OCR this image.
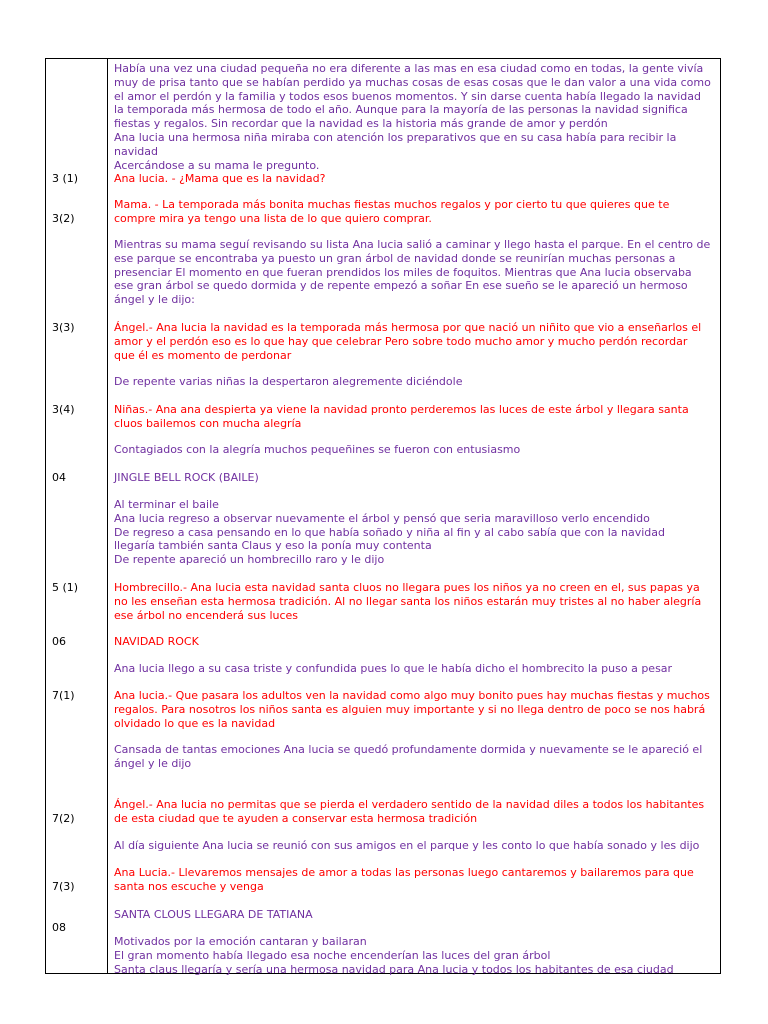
3 (1)
3(2)
3(3)
3(4)
04
5 (1)
06
7(1)
7(2)
7(3)
08
Había una vez una ciudad pequeña no era diferente a las mas en esa ciudad como en todas, la gente vivía
muy de prisa tanto que se habían perdido ya muchas cosas de esas cosas que le dan valor a una vida como
el amor el perdón y la familia y todos esos buenos momentos. Y sin darse cuenta había llegado la navidad
la temporada más hermosa de todo el año. Aunque para la mayoría de las personas la navidad significa
fiestas y regalos. Sin recordar que la navidad es la historia más grande de amor y perdón
Ana lucia una hermosa niña miraba con atención los preparativos que en su casa había para recibir la
navidad
Acercándose a su mama le pregunto.
Ana lucia. - ¿Mama que es la navidad?
Mama. - La temporada más bonita muchas fiestas muchos regalos y por cierto tu que quieres que te
compre mira ya tengo una lista de lo que quiero comprar.
Mientras su mama seguí revisando su lista Ana lucia salió a caminar y llego hasta el parque. En el centro de
ese parque se encontraba ya puesto un gran árbol de navidad donde se reunirían muchas personas a
presenciar El momento en que fueran prendidos los miles de foquitos. Mientras que Ana lucia observaba
ese gran árbol se quedo dormida y de repente empezó a soñar En ese sueño se le apareció un hermoso
ángel y le dijo:
Ángel.- Ana lucia la navidad es la temporada más hermosa por que nació un niñito que vio a enseñarlos el
amor y el perdón eso es lo que hay que celebrar Pero sobre todo mucho amor y mucho perdón recordar
que él es momento de perdonar
De repente varias niñas la despertaron alegremente diciéndole
Niñas.- Ana ana despierta ya viene la navidad pronto perderemos las luces de este árbol y llegara santa
cluos bailemos con mucha alegría
Contagiados con la alegría muchos pequeñines se fueron con entusiasmo
JINGLE BELL ROCK (BAILE)
Al terminar el baile
Ana lucia regreso a observar nuevamente el árbol y pensó que seria maravilloso verlo encendido
De regreso a casa pensando en lo que había soñado y niña al fin y al cabo sabía que con la navidad
llegaría también santa Claus y eso la ponía muy contenta
De repente apareció un hombrecillo raro y le dijo
Hombrecillo.- Ana lucia esta navidad santa cluos no llegara pues los niños ya no creen en el, sus papas ya
no les enseñan esta hermosa tradición. Al no llegar santa los niños estarán muy tristes al no haber alegría
ese árbol no encenderá sus luces
NAVIDAD ROCK
Ana lucia llego a su casa triste y confundida pues lo que le había dicho el hombrecito la puso a pesar
Ana lucia.- Que pasara los adultos ven la navidad como algo muy bonito pues hay muchas fiestas y muchos
regalos. Para nosotros los niños santa es alguien muy importante y si no llega dentro de poco se nos habrá
olvidado lo que es la navidad
Cansada de tantas emociones Ana lucia se quedó profundamente dormida y nuevamente se le apareció el
ángel y le dijo
Ángel.- Ana lucia no permitas que se pierda el verdadero sentido de la navidad diles a todos los habitantes
de esta ciudad que te ayuden a conservar esta hermosa tradición
Al día siguiente Ana lucia se reunió con sus amigos en el parque y les conto lo que había sonado y les dijo
Ana Lucia.- Llevaremos mensajes de amor a todas las personas luego cantaremos y bailaremos para que
santa nos escuche y venga
SANTA CLOUS LLEGARA DE TATIANA
Motivados por la emoción cantaran y bailaran
El gran momento había llegado esa noche encenderían las luces del gran árbol
Santa claus llegaría y sería una hermosa navidad para Ana lucia y todos los habitantes de esa ciudad
